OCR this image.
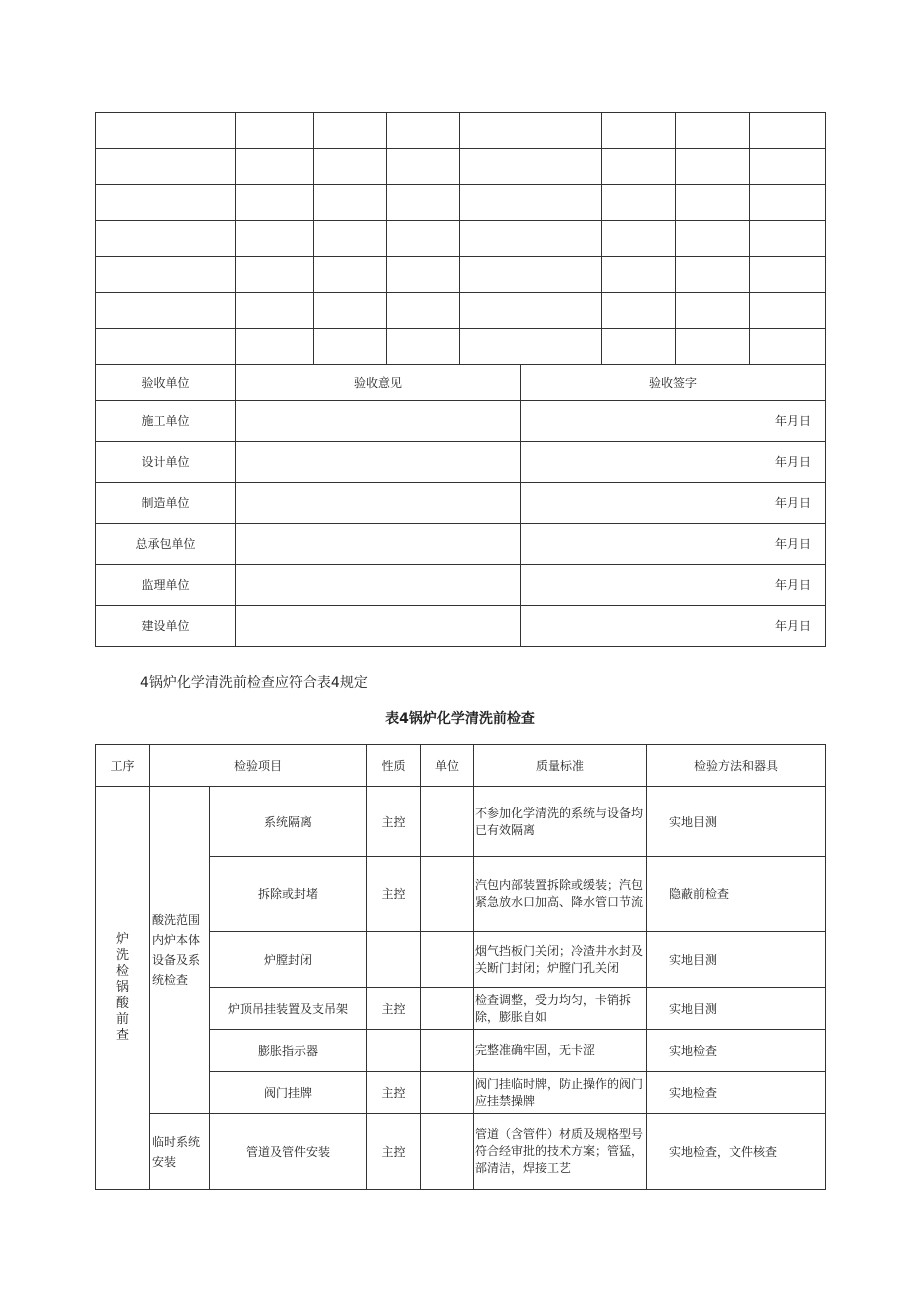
验收单位	验收意见				验收签字			
施工单位					年月日			
设计单位					年月日			
制造单位					年月日			
总承包单位					年月日			
监理单位					年月日			
建设单位					年月日			
4锅炉化学清洗前检查应符合表4规定
表4锅炉化学清洗前检查
工序	检验项目		性质	单位	质量标准	检验方法和器具

炉洗检锅酸前查	酸洗范围内炉本体设备及系统检查	系统隔离	主控		不参加化学清洗的系统与设备均已有效隔离	实地目测
		拆除或封堵	主控		汽包内部装置拆除或缓装；汽包紧急放水口加高、降水管口节流	隐蔽前检查
		炉膛封闭			烟气挡板门关闭；冷渣井水封及关断门封闭；炉膛门孔关闭	实地目测
		炉顶吊挂装置及支吊架	主控		检查调整，受力均匀，卡销拆除，膨胀自如	实地目测
		膨胀指示器			完整准确牢固，无卡涩	实地检查
		阀门挂牌	主控		阀门挂临时牌，防止操作的阀门应挂禁操牌	实地检查
	临时系统安装	管道及管件安装	主控		管道（含管件）材质及规格型号符合经审批的技术方案；管猛，部清洁，焊接工艺	实地检查，文件核查
